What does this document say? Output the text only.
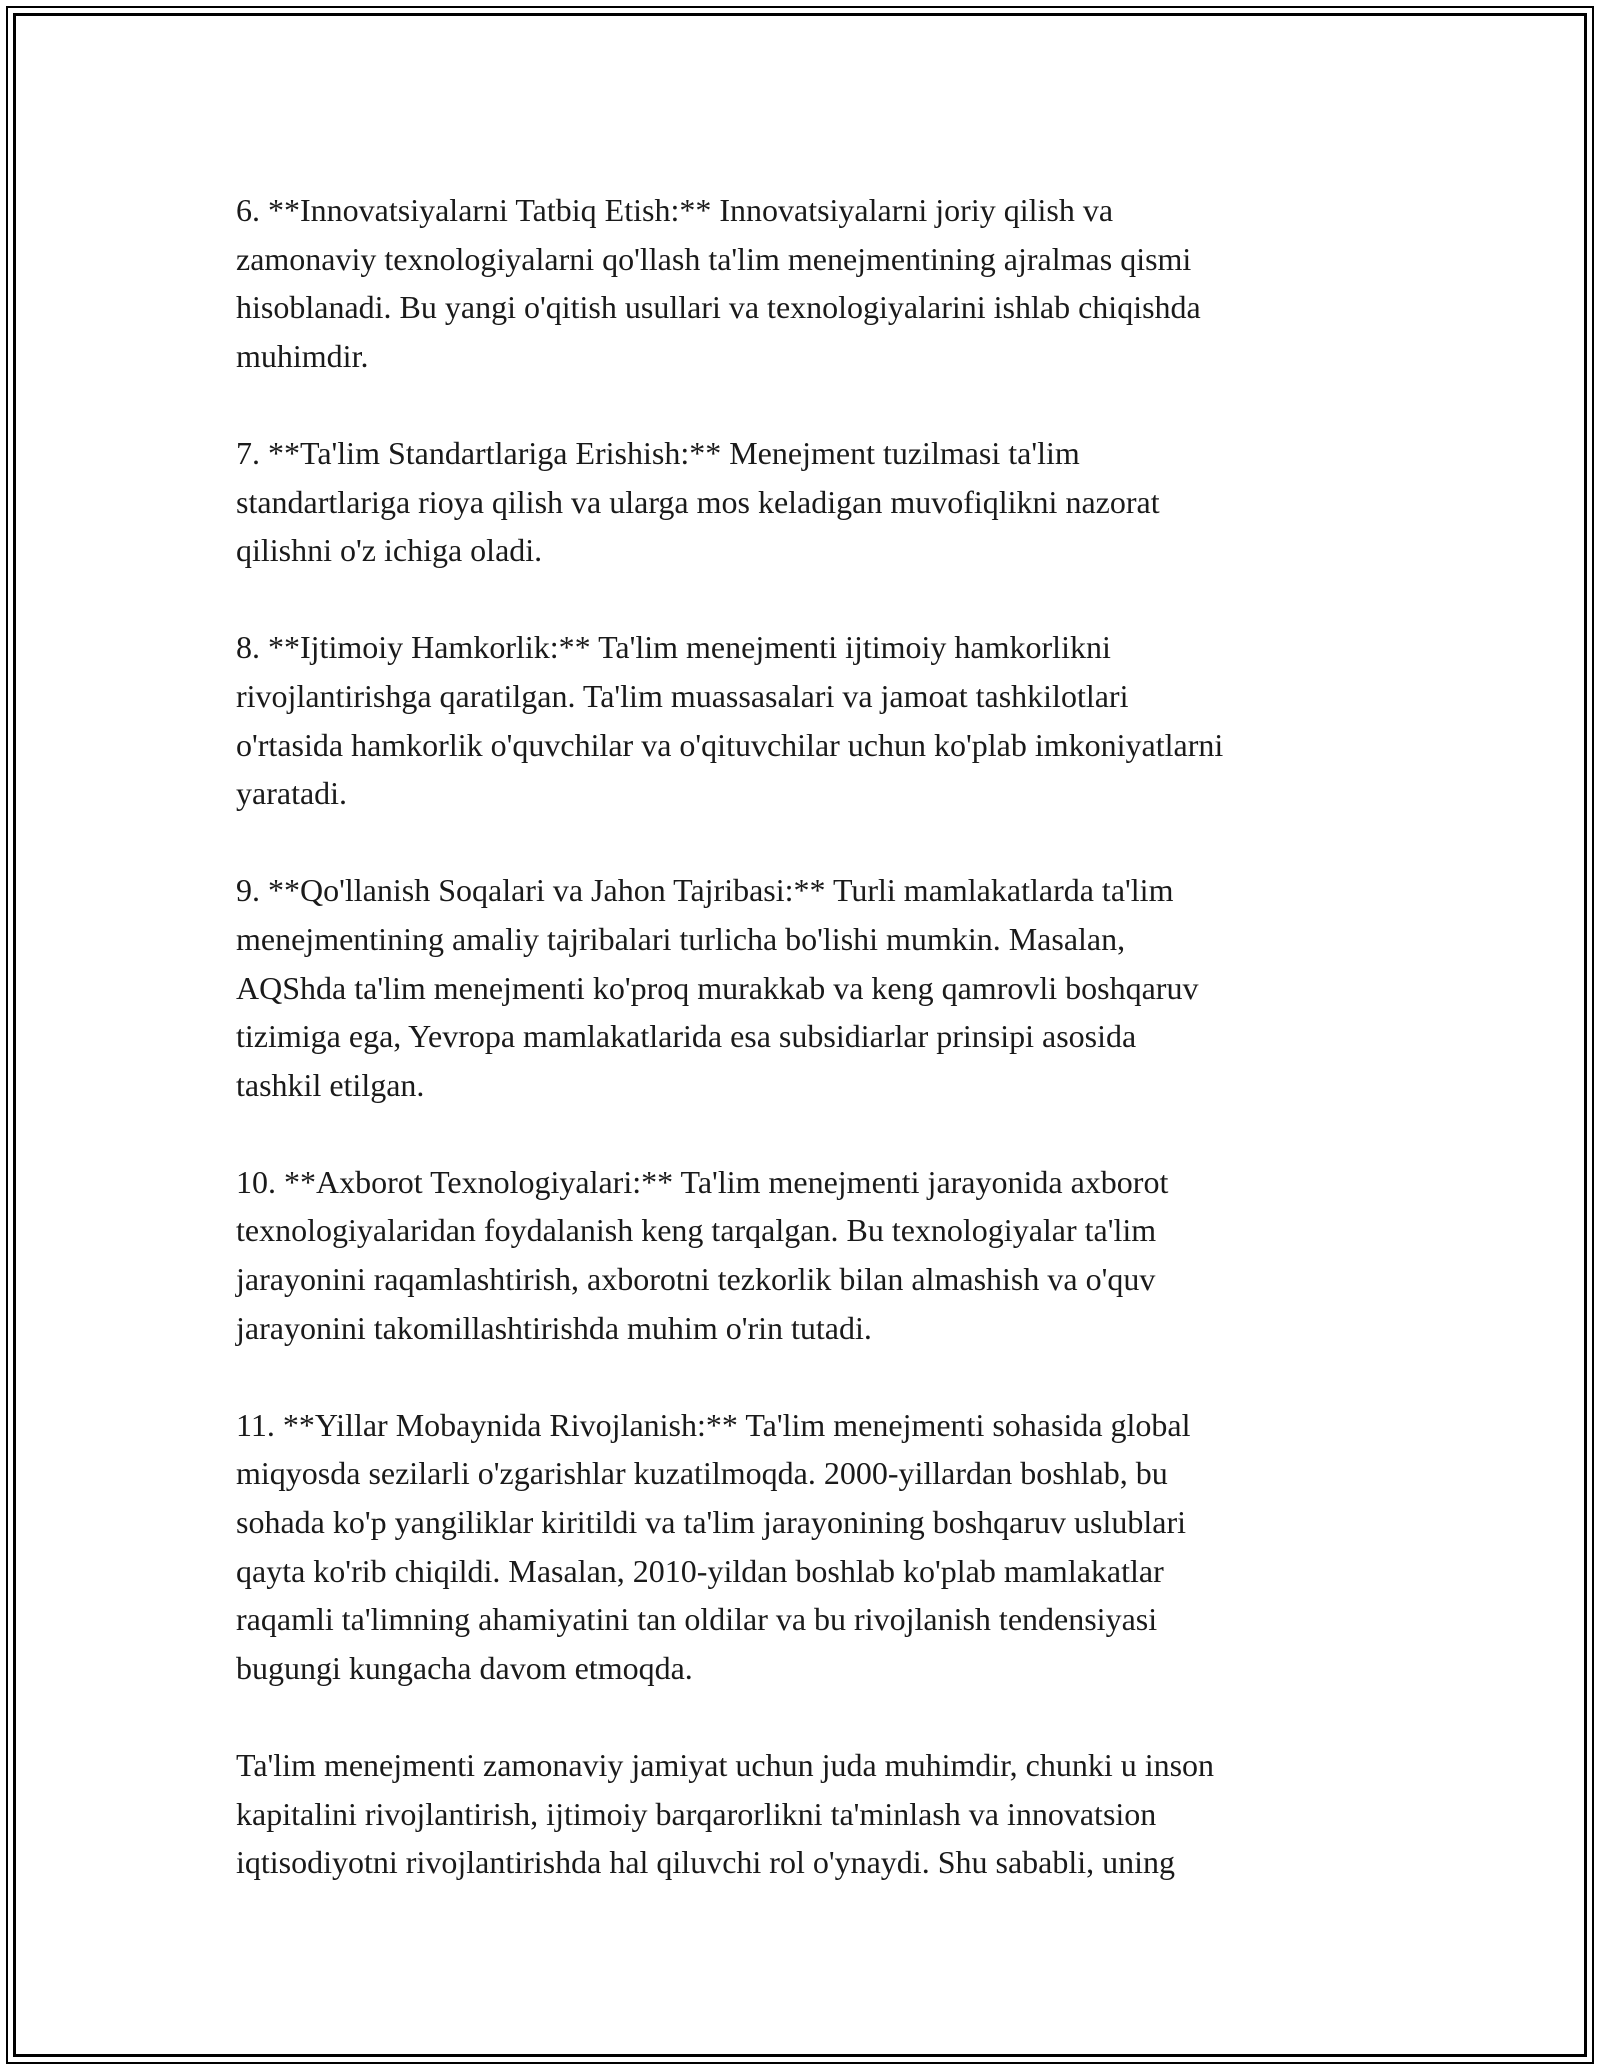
6. **Innovatsiyalarni Tatbiq Etish:** Innovatsiyalarni joriy qilish va
zamonaviy texnologiyalarni qo'llash ta'lim menejmentining ajralmas qismi
hisoblanadi. Bu yangi o'qitish usullari va texnologiyalarini ishlab chiqishda
muhimdir.

7. **Ta'lim Standartlariga Erishish:** Menejment tuzilmasi ta'lim
standartlariga rioya qilish va ularga mos keladigan muvofiqlikni nazorat
qilishni o'z ichiga oladi.

8. **Ijtimoiy Hamkorlik:** Ta'lim menejmenti ijtimoiy hamkorlikni
rivojlantirishga qaratilgan. Ta'lim muassasalari va jamoat tashkilotlari
o'rtasida hamkorlik o'quvchilar va o'qituvchilar uchun ko'plab imkoniyatlarni
yaratadi.

9. **Qo'llanish Soqalari va Jahon Tajribasi:** Turli mamlakatlarda ta'lim
menejmentining amaliy tajribalari turlicha bo'lishi mumkin. Masalan,
AQShda ta'lim menejmenti ko'proq murakkab va keng qamrovli boshqaruv
tizimiga ega, Yevropa mamlakatlarida esa subsidiarlar prinsipi asosida
tashkil etilgan.

10. **Axborot Texnologiyalari:** Ta'lim menejmenti jarayonida axborot
texnologiyalaridan foydalanish keng tarqalgan. Bu texnologiyalar ta'lim
jarayonini raqamlashtirish, axborotni tezkorlik bilan almashish va o'quv
jarayonini takomillashtirishda muhim o'rin tutadi.

11. **Yillar Mobaynida Rivojlanish:** Ta'lim menejmenti sohasida global
miqyosda sezilarli o'zgarishlar kuzatilmoqda. 2000-yillardan boshlab, bu
sohada ko'p yangiliklar kiritildi va ta'lim jarayonining boshqaruv uslublari
qayta ko'rib chiqildi. Masalan, 2010-yildan boshlab ko'plab mamlakatlar
raqamli ta'limning ahamiyatini tan oldilar va bu rivojlanish tendensiyasi
bugungi kungacha davom etmoqda.

Ta'lim menejmenti zamonaviy jamiyat uchun juda muhimdir, chunki u inson
kapitalini rivojlantirish, ijtimoiy barqarorlikni ta'minlash va innovatsion
iqtisodiyotni rivojlantirishda hal qiluvchi rol o'ynaydi. Shu sababli, uning
